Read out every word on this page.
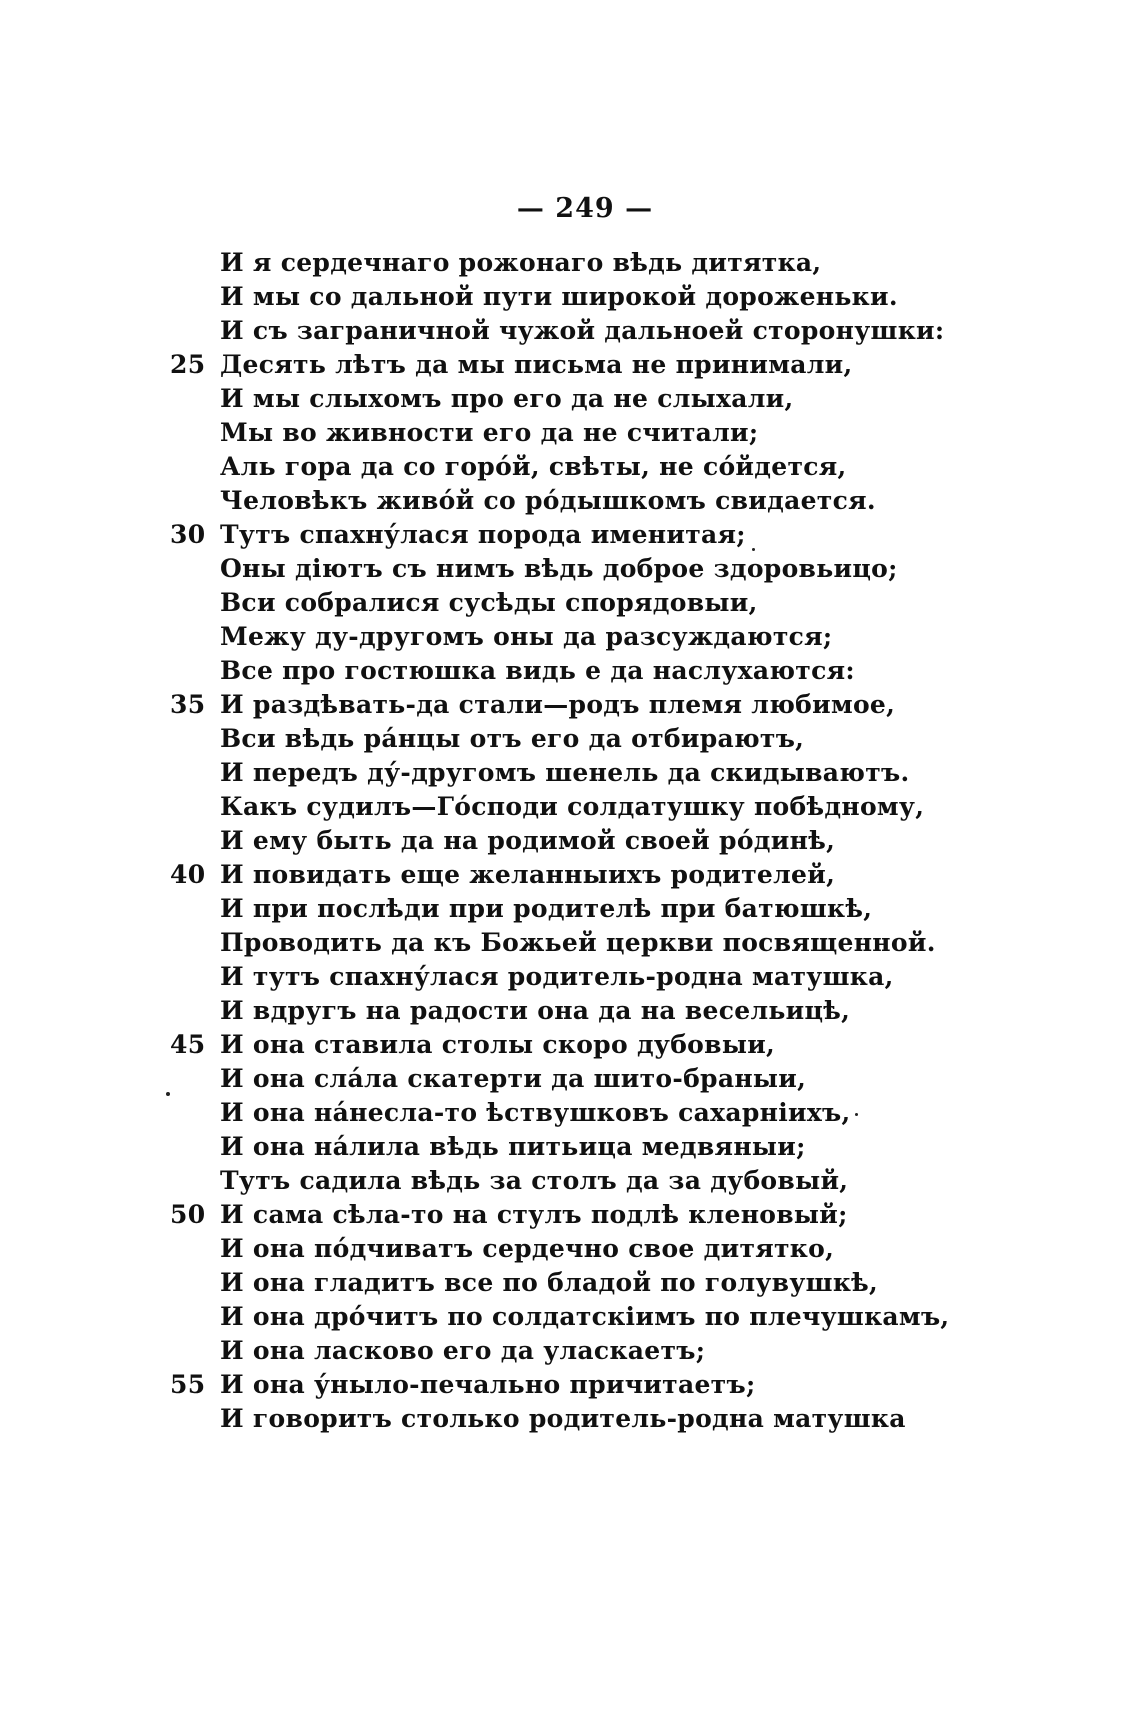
— 249 —
И я сердечнаго рожонаго вѣдь дитятка,
И мы со дальной пути широкой дороженьки.
И съ заграничной чужой дальноей сторонушки:
25 Десять лѣтъ да мы письма не принимали,
И мы слыхомъ про его да не слыхали,
Мы во живности его да не считали;
Аль гора да со горо́й, свѣты, не со́йдется,
Человѣкъ живо́й со ро́дышкомъ свидается.
30 Тутъ спахну́лася порода именитая;
Оны дiютъ съ нимъ вѣдь доброе здоровьицо;
Вси собралися сусѣды спорядовыи,
Межу ду-другомъ оны да разсуждаются;
Все про гостюшка видь е да наслухаются:
35 И раздѣвать-да стали—родъ племя любимое,
Вси вѣдь ра́нцы отъ его да отбираютъ,
И передъ ду́-другомъ шенель да скидываютъ.
Какъ судилъ—Го́споди солдатушку побѣдному,
И ему быть да на родимой своей ро́динѣ,
40 И повидать еще желанныихъ родителей,
И при послѣди при родителѣ при батюшкѣ,
Проводить да къ Божьей церкви посвященной.
И тутъ спахну́лася родитель-родна матушка,
И вдругъ на радости она да на весельицѣ,
45 И она ставила столы скоро дубовыи,
И она сла́ла скатерти да шито-браныи,
И она на́несла-то ѣствушковъ сахарнiихъ,
И она на́лила вѣдь питьица медвяныи;
Тутъ садила вѣдь за столъ да за дубовый,
50 И сама сѣла-то на стулъ подлѣ кленовый;
И она по́дчиватъ сердечно свое дитятко,
И она гладитъ все по бладой по голувушкѣ,
И она дро́читъ по солдатскiимъ по плечушкамъ,
И она ласково его да уласкаетъ;
55 И она у́нылo-печально причитаетъ;
И говоритъ столько родитель-родна матушка
